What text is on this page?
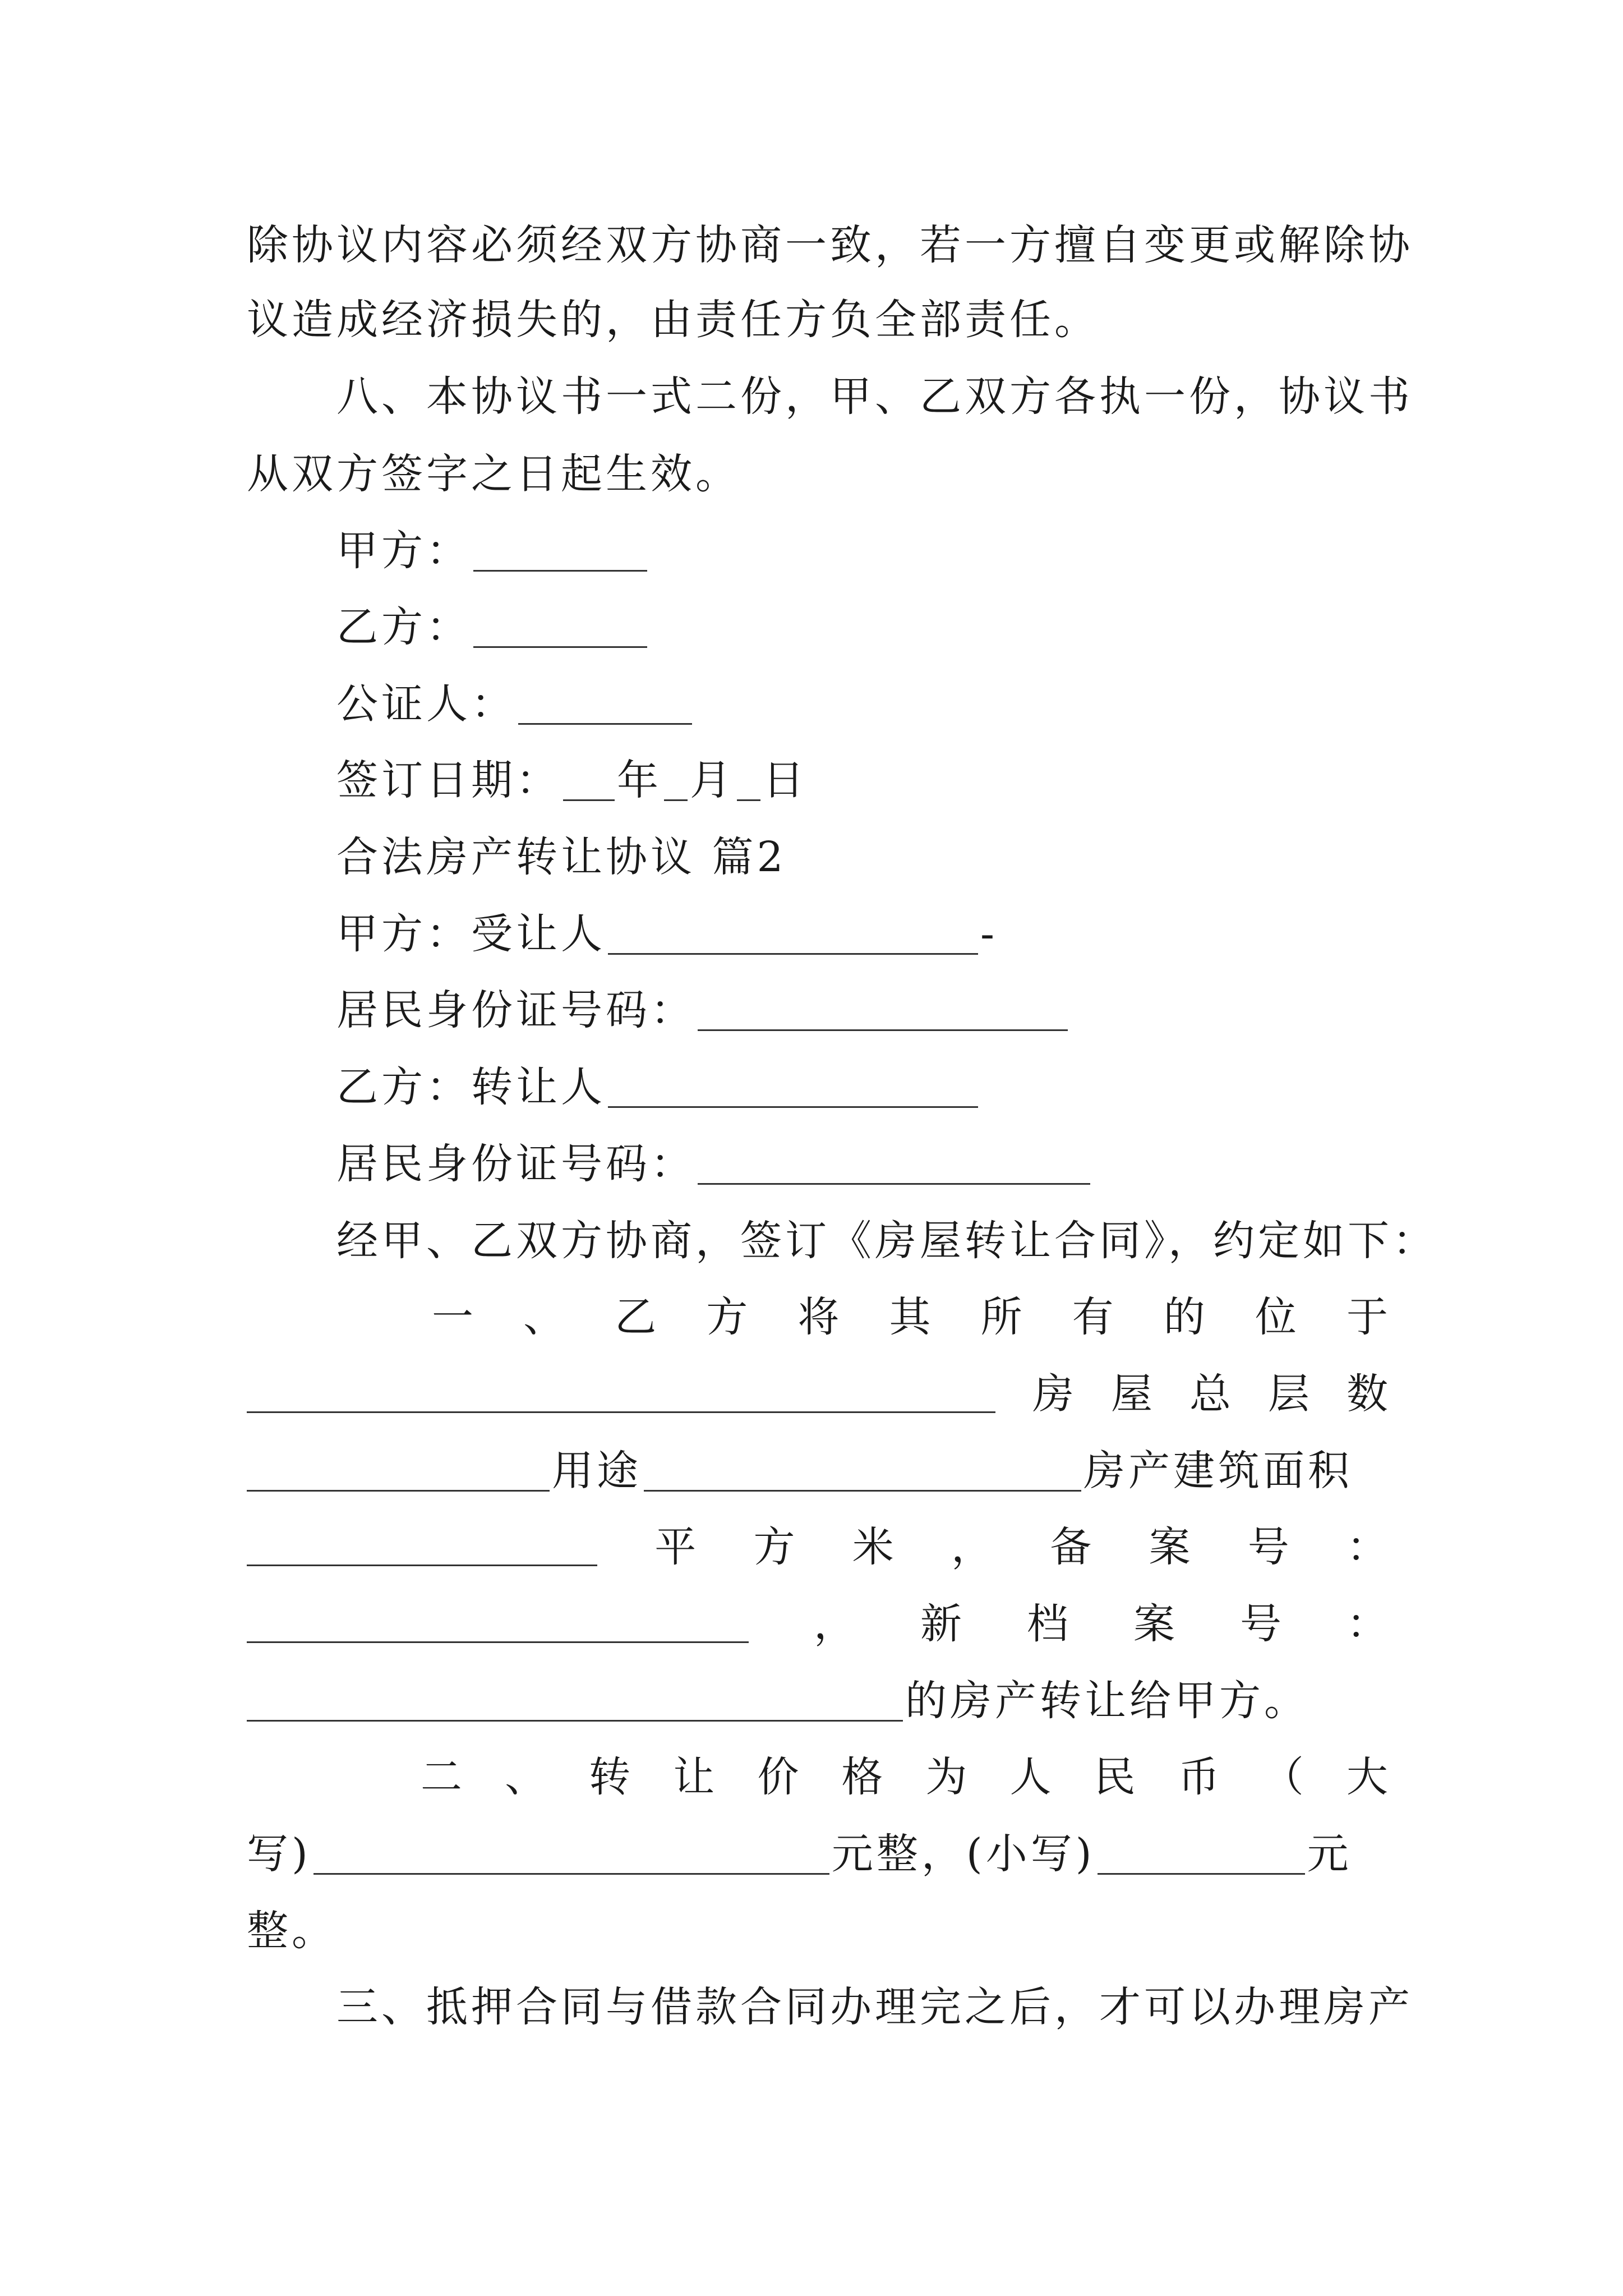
除协议内容必须经双方协商一致，若一方擅自变更或解除协
议造成经济损失的，由责任方负全部责任。
八、本协议书一式二份，甲、乙双方各执一份，协议书
从双方签字之日起生效。
甲方：
乙方：
公证人：
签订日期： 年 月 日
合法房产转让协议 篇2
甲方：受让人	-
居民身份证号码：
乙方：转让人
居民身份证号码：
经甲、乙双方协商，签订《房屋转让合同》，约定如下：
一 、 乙 方 将 其 所 有 的 位 于
房 屋 总 层 数
用途	房产建筑面积
平 方 米 ， 备 案 号 ：
， 新 档 案 号 ：
的房产转让给甲方。
二 、 转 让 价 格 为 人 民 币 （ 大
写)	元整，(小写)	元
整。
三、抵押合同与借款合同办理完之后，才可以办理房产
